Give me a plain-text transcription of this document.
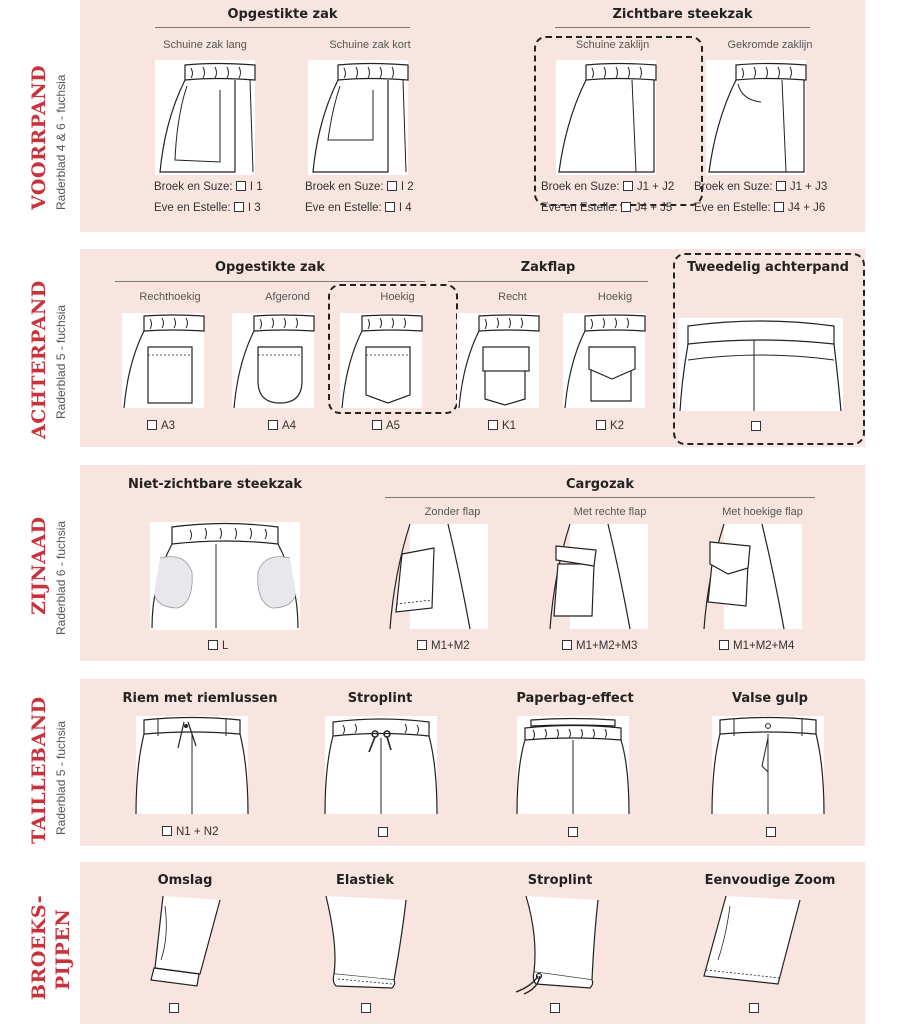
VOORRPAND Raderblad 4 & 6 - fuchsia
Opgestikte zak	Zichtbare steekzak
Schuine zak lang
Broek en Suze: I 1
Eve en Estelle: I 3
Schuine zak kort
Broek en Suze: I 2
Eve en Estelle: I 4
Schuine zaklijn
Broek en Suze: J1 + J2
Eve en Estelle: J4 + J5
Gekromde zaklijn
Broek en Suze: J1 + J3
Eve en Estelle: J4 + J6
ACHTERPAND Raderblad 5 - fuchsia
Opgestikte zak	Zakflap	Tweedelig achterpand
Rechthoekig
A3
Afgerond
A4
Hoekig
A5
Recht
K1
Hoekig
K2
ZIJNAAD Raderblad 6 - fuchsia
Niet-zichtbare steekzak	Cargozak
L
Zonder flap
M1+M2
Met rechte flap
M1+M2+M3
Met hoekige flap
M1+M2+M4
TAILLEBAND Raderblad 5 - fuchsia
Riem met riemlussen	Stroplint	Paperbag-effect	Valse gulp
N1 + N2
BROEKS- PIJPEN
Omslag	Elastiek	Stroplint	Eenvoudige Zoom
